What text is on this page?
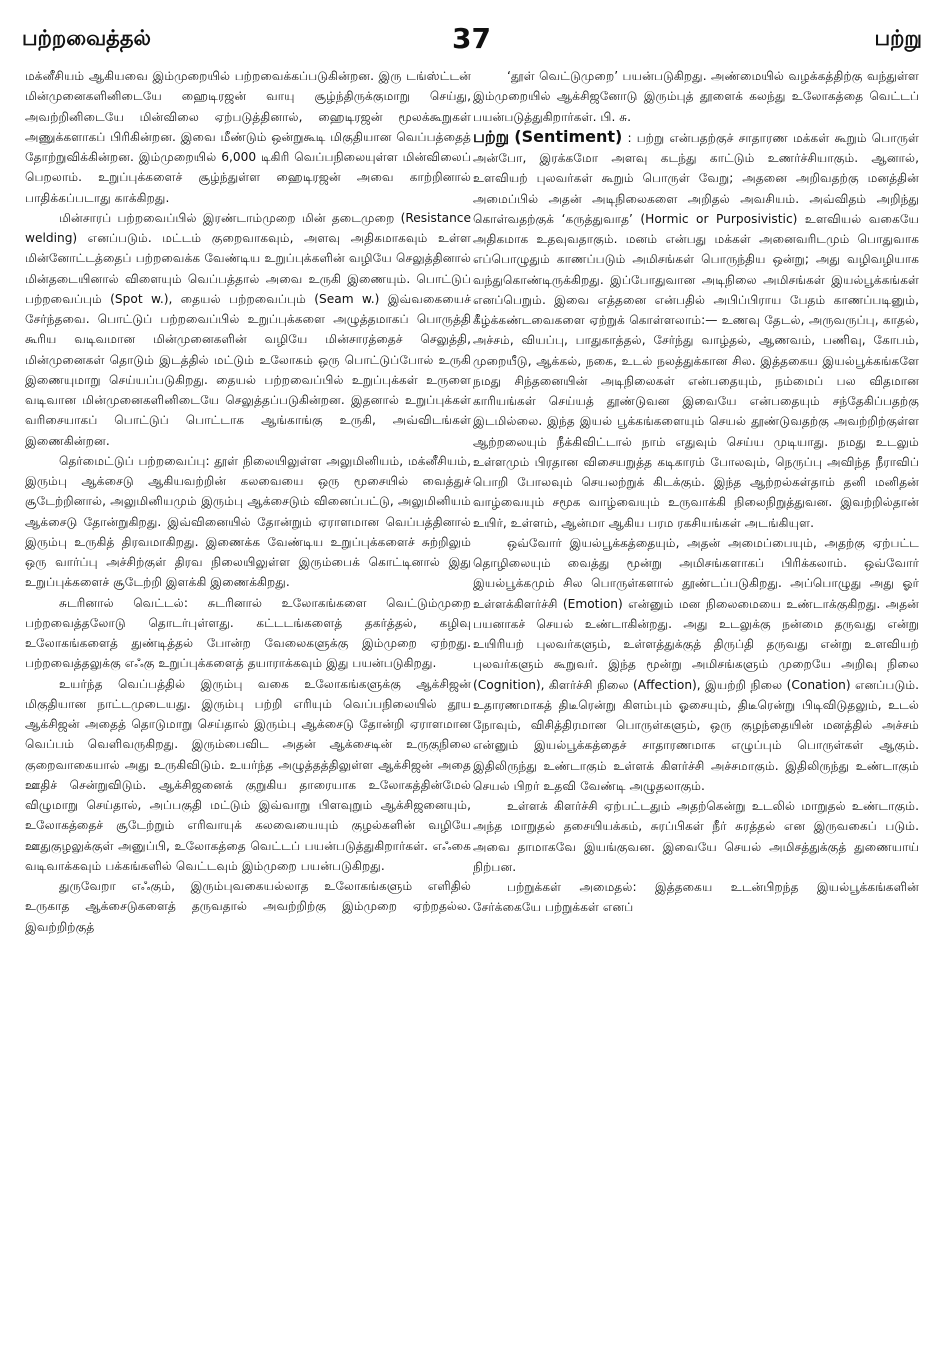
பற்றவைத்தல்	37	பற்று

மக்னீசியம் ஆகியவை இம்முறையில் பற்றவைக்கப்படுகின்றன. இரு டங்ஸ்ட்டன் மின்முனைகளினிடையே ஹைடிரஜன் வாயு சூழ்ந்திருக்குமாறு செய்து, அவற்றினிடையே மின்விலை ஏற்படுத்தினால், ஹைடிரஜன் மூலக்கூறுகள் அணுக்களாகப் பிரிகின்றன. இவை மீண்டும் ஒன்றுகூடி மிகுதியான வெப்பத்தைத் தோற்றுவிக்கின்றன. இம்முறையில் 6,000 டிகிரி வெப்பநிலையுள்ள மின்விலைப் பெறலாம். உறுப்புக்களைச் சூழ்ந்துள்ள ஹைடிரஜன் அவை காற்றினால் பாதிக்கப்படாது காக்கிறது.

மின்சாரப் பற்றவைப்பில் இரண்டாம்முறை மின் தடைமுறை (Resistance welding) எனப்படும். மட்டம் குறைவாகவும், அளவு அதிகமாகவும் உள்ள மின்னோட்டத்தைப் பற்றவைக்க வேண்டிய உறுப்புக்களின் வழியே செலுத்தினால் மின்தடையினால் விளையும் வெப்பத்தால் அவை உருகி இணையும். பொட்டுப் பற்றவைப்பும் (Spot w.), தையல் பற்றவைப்பும் (Seam w.) இவ்வகையைச் சேர்ந்தவை. பொட்டுப் பற்றவைப்பில் உறுப்புக்களை அழுத்தமாகப் பொருத்தி கூரிய வடிவமான மின்முனைகளின் வழியே மின்சாரத்தைச் செலுத்தி, மின்முனைகள் தொடும் இடத்தில் மட்டும் உலோகம் ஒரு பொட்டுப்போல் உருகி இணையுமாறு செய்யப்படுகிறது. தையல் பற்றவைப்பில் உறுப்புக்கள் உருளை வடிவான மின்முனைகளினிடையே செலுத்தப்படுகின்றன. இதனால் உறுப்புக்கள் வரிசையாகப் பொட்டுப் பொட்டாக ஆங்காங்கு உருகி, அவ்விடங்கள் இணைகின்றன.

தெர்மைட்டுப் பற்றவைப்பு: தூள் நிலையிலுள்ள அலுமினியம், மக்னீசியம், இரும்பு ஆக்சைடு ஆகியவற்றின் கலவையை ஒரு மூசையில் வைத்துச் சூடேற்றினால், அலுமினியமும் இரும்பு ஆக்சைடும் வினைப்பட்டு, அலுமினியம் ஆக்சைடு தோன்றுகிறது. இவ்வினையில் தோன்றும் ஏராளமான வெப்பத்தினால் இரும்பு உருகித் திரவமாகிறது. இணைக்க வேண்டிய உறுப்புக்களைச் சுற்றிலும் ஒரு வார்ப்பு அச்சிற்குள் திரவ நிலையிலுள்ள இரும்பைக் கொட்டினால் இது உறுப்புக்களைச் சூடேற்றி இளக்கி இணைக்கிறது.

சுடரினால் வெட்டல்: சுடரினால் உலோகங்களை வெட்டும்முறை பற்றவைத்தலோடு தொடர்புள்ளது. கட்டடங்களைத் தகர்த்தல், கழிவு உலோகங்களைத் துண்டித்தல் போன்ற வேலைகளுக்கு இம்முறை ஏற்றது. பற்றவைத்தலுக்கு எஃகு உறுப்புக்களைத் தயாராக்கவும் இது பயன்படுகிறது.

உயர்ந்த வெப்பத்தில் இரும்பு வகை உலோகங்களுக்கு ஆக்சிஜன் மிகுதியான நாட்டமுடையது. இரும்பு பற்றி எரியும் வெப்பநிலையில் தூய ஆக்சிஜன் அதைத் தொடுமாறு செய்தால் இரும்பு ஆக்சைடு தோன்றி ஏராளமான வெப்பம் வெளிவருகிறது. இரும்பைவிட அதன் ஆக்சைடின் உருகுநிலை குறைவாகையால் அது உருகிவிடும். உயர்ந்த அழுத்தத்திலுள்ள ஆக்சிஜன் அதை ஊதிச் சென்றுவிடும். ஆக்சிஜனைக் குறுகிய தாரையாக உலோகத்தின்மேல் விழுமாறு செய்தால், அப்பகுதி மட்டும் இவ்வாறு பிளவுறும் ஆக்சிஜனையும், உலோகத்தைச் சூடேற்றும் எரிவாயுக் கலவையையும் குழல்களின் வழியே ஊதுகுழலுக்குள் அனுப்பி, உலோகத்தை வெட்டப் பயன்படுத்துகிறார்கள். எஃகை வடிவாக்கவும் பக்கங்களில் வெட்டவும் இம்முறை பயன்படுகிறது.

துருவேறா எஃகும், இரும்புவகையல்லாத உலோகங்களும் எளிதில் உருகாத ஆக்சைடுகளைத் தருவதால் அவற்றிற்கு இம்முறை ஏற்றதல்ல. இவற்றிற்குத்

‘தூள் வெட்டுமுறை’ பயன்படுகிறது. அண்மையில் வழக்கத்திற்கு வந்துள்ள இம்முறையில் ஆக்சிஜனோடு இரும்புத் தூளைக் கலந்து உலோகத்தை வெட்டப் பயன்படுத்துகிறார்கள். பி. சு.

பற்று (Sentiment) : பற்று என்பதற்குச் சாதாரண மக்கள் கூறும் பொருள் அன்போ, இரக்கமோ அளவு கடந்து காட்டும் உணர்ச்சியாகும். ஆனால், உளவியற் புலவர்கள் கூறும் பொருள் வேறு; அதனை அறிவதற்கு மனத்தின் அமைப்பில் அதன் அடிநிலைகளை அறிதல் அவசியம். அவ்விதம் அறிந்து கொள்வதற்குக் ‘கருத்துவாத’ (Hormic or Purposivistic) உளவியல் வகையே அதிகமாக உதவுவதாகும். மனம் என்பது மக்கள் அனைவரிடமும் பொதுவாக எப்பொழுதும் காணப்படும் அமிசங்கள் பொருந்திய ஒன்று; அது வழிவழியாக வந்துகொண்டிருக்கிறது. இப்போதுவான அடிநிலை அமிசங்கள் இயல்பூக்கங்கள் எனப்பெறும். இவை எத்தனை என்பதில் அபிப்பிராய பேதம் காணப்படினும், கீழ்க்கண்டவைகளை ஏற்றுக் கொள்ளலாம்:— உணவு தேடல், அருவருப்பு, காதல், அச்சம், வியப்பு, பாதுகாத்தல், சேர்ந்து வாழ்தல், ஆணவம், பணிவு, கோபம், முறையீடு, ஆக்கல், நகை, உடல் நலத்துக்கான சில. இத்தகைய இயல்பூக்கங்களே நமது சிந்தனையின் அடிநிலைகள் என்பதையும், நம்மைப் பல விதமான காரியங்கள் செய்யத் தூண்டுவன இவையே என்பதையும் சந்தேகிப்பதற்கு இடமில்லை. இந்த இயல் பூக்கங்களையும் செயல் தூண்டுவதற்கு அவற்றிற்குள்ள ஆற்றலையும் நீக்கிவிட்டால் நாம் எதுவும் செய்ய முடியாது. நமது உடலும் உள்ளமும் பிரதான விசையறுத்த கடிகாரம் போலவும், நெருப்பு அவிந்த நீராவிப் பொறி போலவும் செயலற்றுக் கிடக்கும். இந்த ஆற்றல்கள்தாம் தனி மனிதன் வாழ்வையும் சமூக வாழ்வையும் உருவாக்கி நிலைநிறுத்துவன. இவற்றில்தான் உயிர், உள்ளம், ஆன்மா ஆகிய பரம ரகசியங்கள் அடங்கியுள.

ஒவ்வோர் இயல்பூக்கத்தையும், அதன் அமைப்பையும், அதற்கு ஏற்பட்ட தொழிலையும் வைத்து மூன்று அமிசங்களாகப் பிரிக்கலாம். ஒவ்வோர் இயல்பூக்கமும் சில பொருள்களால் தூண்டப்படுகிறது. அப்பொழுது அது ஓர் உள்ளக்கிளர்ச்சி (Emotion) என்னும் மன நிலைமையை உண்டாக்குகிறது. அதன் பயனாகச் செயல் உண்டாகின்றது. அது உடலுக்கு நன்மை தருவது என்று உயிரியற் புலவர்களும், உள்ளத்துக்குத் திருப்தி தருவது என்று உளவியற் புலவர்களும் கூறுவர். இந்த மூன்று அமிசங்களும் முறையே அறிவு நிலை (Cognition), கிளர்ச்சி நிலை (Affection), இயற்றி நிலை (Conation) எனப்படும். உதாரணமாகத் திடீரென்று கிளம்பும் ஓசையும், திடீரென்று பிடிவிடுதலும், உடல் நோவும், விசித்திரமான பொருள்களும், ஒரு குழந்தையின் மனத்தில் அச்சம் என்னும் இயல்பூக்கத்தைச் சாதாரணமாக எழுப்பும் பொருள்கள் ஆகும். இதிலிருந்து உண்டாகும் உள்ளக் கிளர்ச்சி அச்சமாகும். இதிலிருந்து உண்டாகும் செயல் பிறர் உதவி வேண்டி அழுதலாகும்.

உள்ளக் கிளர்ச்சி ஏற்பட்டதும் அதற்கென்று உடலில் மாறுதல் உண்டாகும். அந்த மாறுதல் தசையியக்கம், சுரப்பிகள் நீர் சுரத்தல் என இருவகைப் படும். அவை தாமாகவே இயங்குவன. இவையே செயல் அமிசத்துக்குத் துணையாய் நிற்பன.

பற்றுக்கள் அமைதல்: இத்தகைய உடன்பிறந்த இயல்பூக்கங்களின் சேர்க்கையே பற்றுக்கள் எனப்
